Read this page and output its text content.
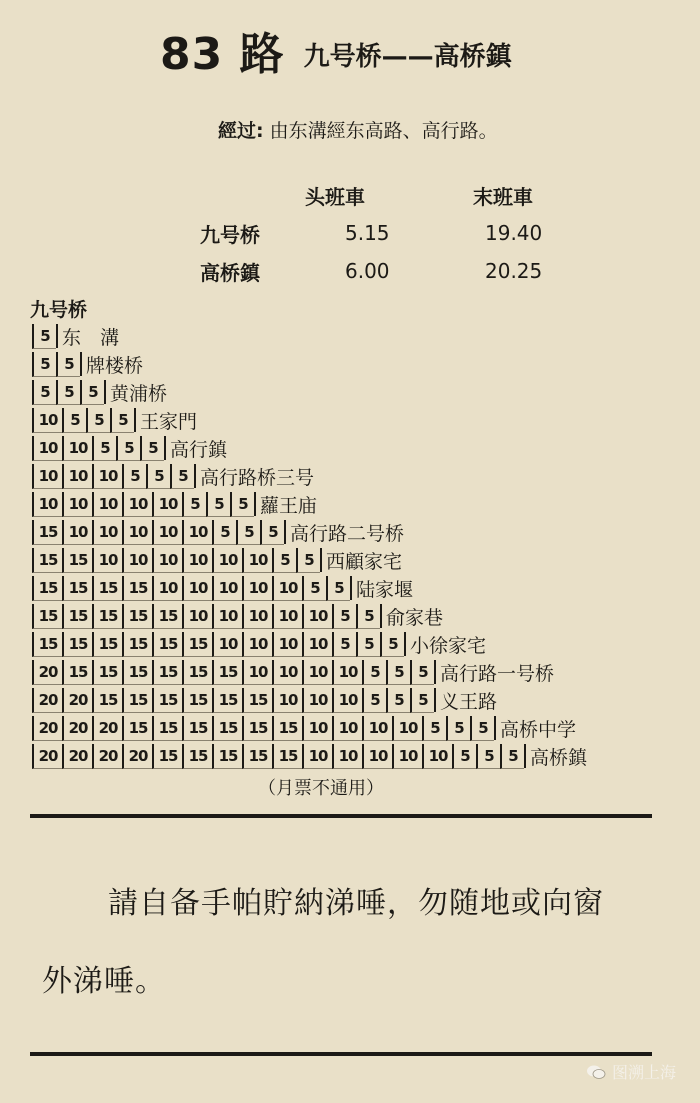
83 路 九号桥——高桥鎮
經过: 由东溝經东高路、高行路。
头班車	末班車
九号桥	5.15	19.40
高桥鎮	6.00	20.25
九号桥
5 东　溝
5 5 牌楼桥
5 5 5 黄浦桥
10 5 5 5 王家門
10 10 5 5 5 高行鎮
10 10 10 5 5 5 高行路桥三号
10 10 10 10 10 5 5 5 蘿王庙
15 10 10 10 10 10 5 5 5 高行路二号桥
15 15 10 10 10 10 10 10 5 5 西顧家宅
15 15 15 15 10 10 10 10 10 5 5 陆家堰
15 15 15 15 15 10 10 10 10 10 5 5 俞家巷
15 15 15 15 15 15 10 10 10 10 5 5 5 小徐家宅
20 15 15 15 15 15 15 10 10 10 10 5 5 5 高行路一号桥
20 20 15 15 15 15 15 15 10 10 10 5 5 5 义王路
20 20 20 15 15 15 15 15 15 10 10 10 10 5 5 5 高桥中学
20 20 20 20 15 15 15 15 15 10 10 10 10 10 5 5 5 高桥鎮
（月票不通用）
請自备手帕貯納涕唾，勿随地或向窗
外涕唾。
图溯上海
